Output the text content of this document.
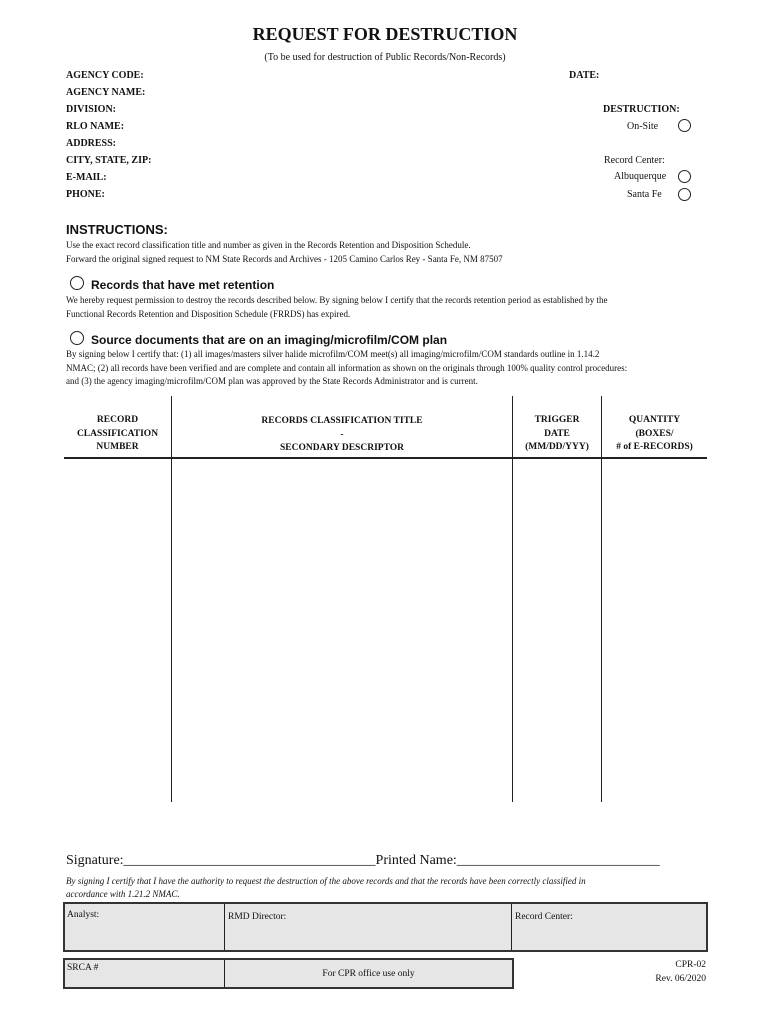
REQUEST FOR DESTRUCTION
(To be used for destruction of Public Records/Non-Records)
AGENCY CODE:
AGENCY NAME:
DIVISION:
RLO NAME:
ADDRESS:
CITY, STATE, ZIP:
E-MAIL:
PHONE:
DATE:
DESTRUCTION:
On-Site
Record Center:
Albuquerque
Santa Fe
INSTRUCTIONS:
Use the exact record classification title and number as given in the Records Retention and Disposition Schedule.
Forward the original signed request to NM State Records and Archives - 1205 Camino Carlos Rey - Santa Fe, NM 87507
Records that have met retention
We hereby request permission to destroy the records described below. By signing below I certify that the records retention period as established by the
Functional Records Retention and Disposition Schedule (FRRDS) has expired.
Source documents that are on an imaging/microfilm/COM plan
By signing below I certify that: (1) all images/masters silver halide microfilm/COM meet(s) all imaging/microfilm/COM standards outline in 1.14.2
NMAC; (2) all records have been verified and are complete and contain all information as shown on the originals through 100% quality control procedures:
and (3) the agency imaging/microfilm/COM plan was approved by the State Records Administrator and is current.
RECORD
CLASSIFICATION
NUMBER
RECORDS CLASSIFICATION TITLE
-
SECONDARY DESCRIPTOR
TRIGGER
DATE
(MM/DD/YYY)
QUANTITY
(BOXES/
# of E-RECORDS)
Signature:____________________________________Printed Name:_____________________________
By signing I certify that I have the authority to request the destruction of the above records and that the records have been correctly classified in
accordance with 1.21.2 NMAC.
Analyst:	RMD Director:	Record Center:
SRCA #
For CPR office use only
CPR-02
Rev. 06/2020
